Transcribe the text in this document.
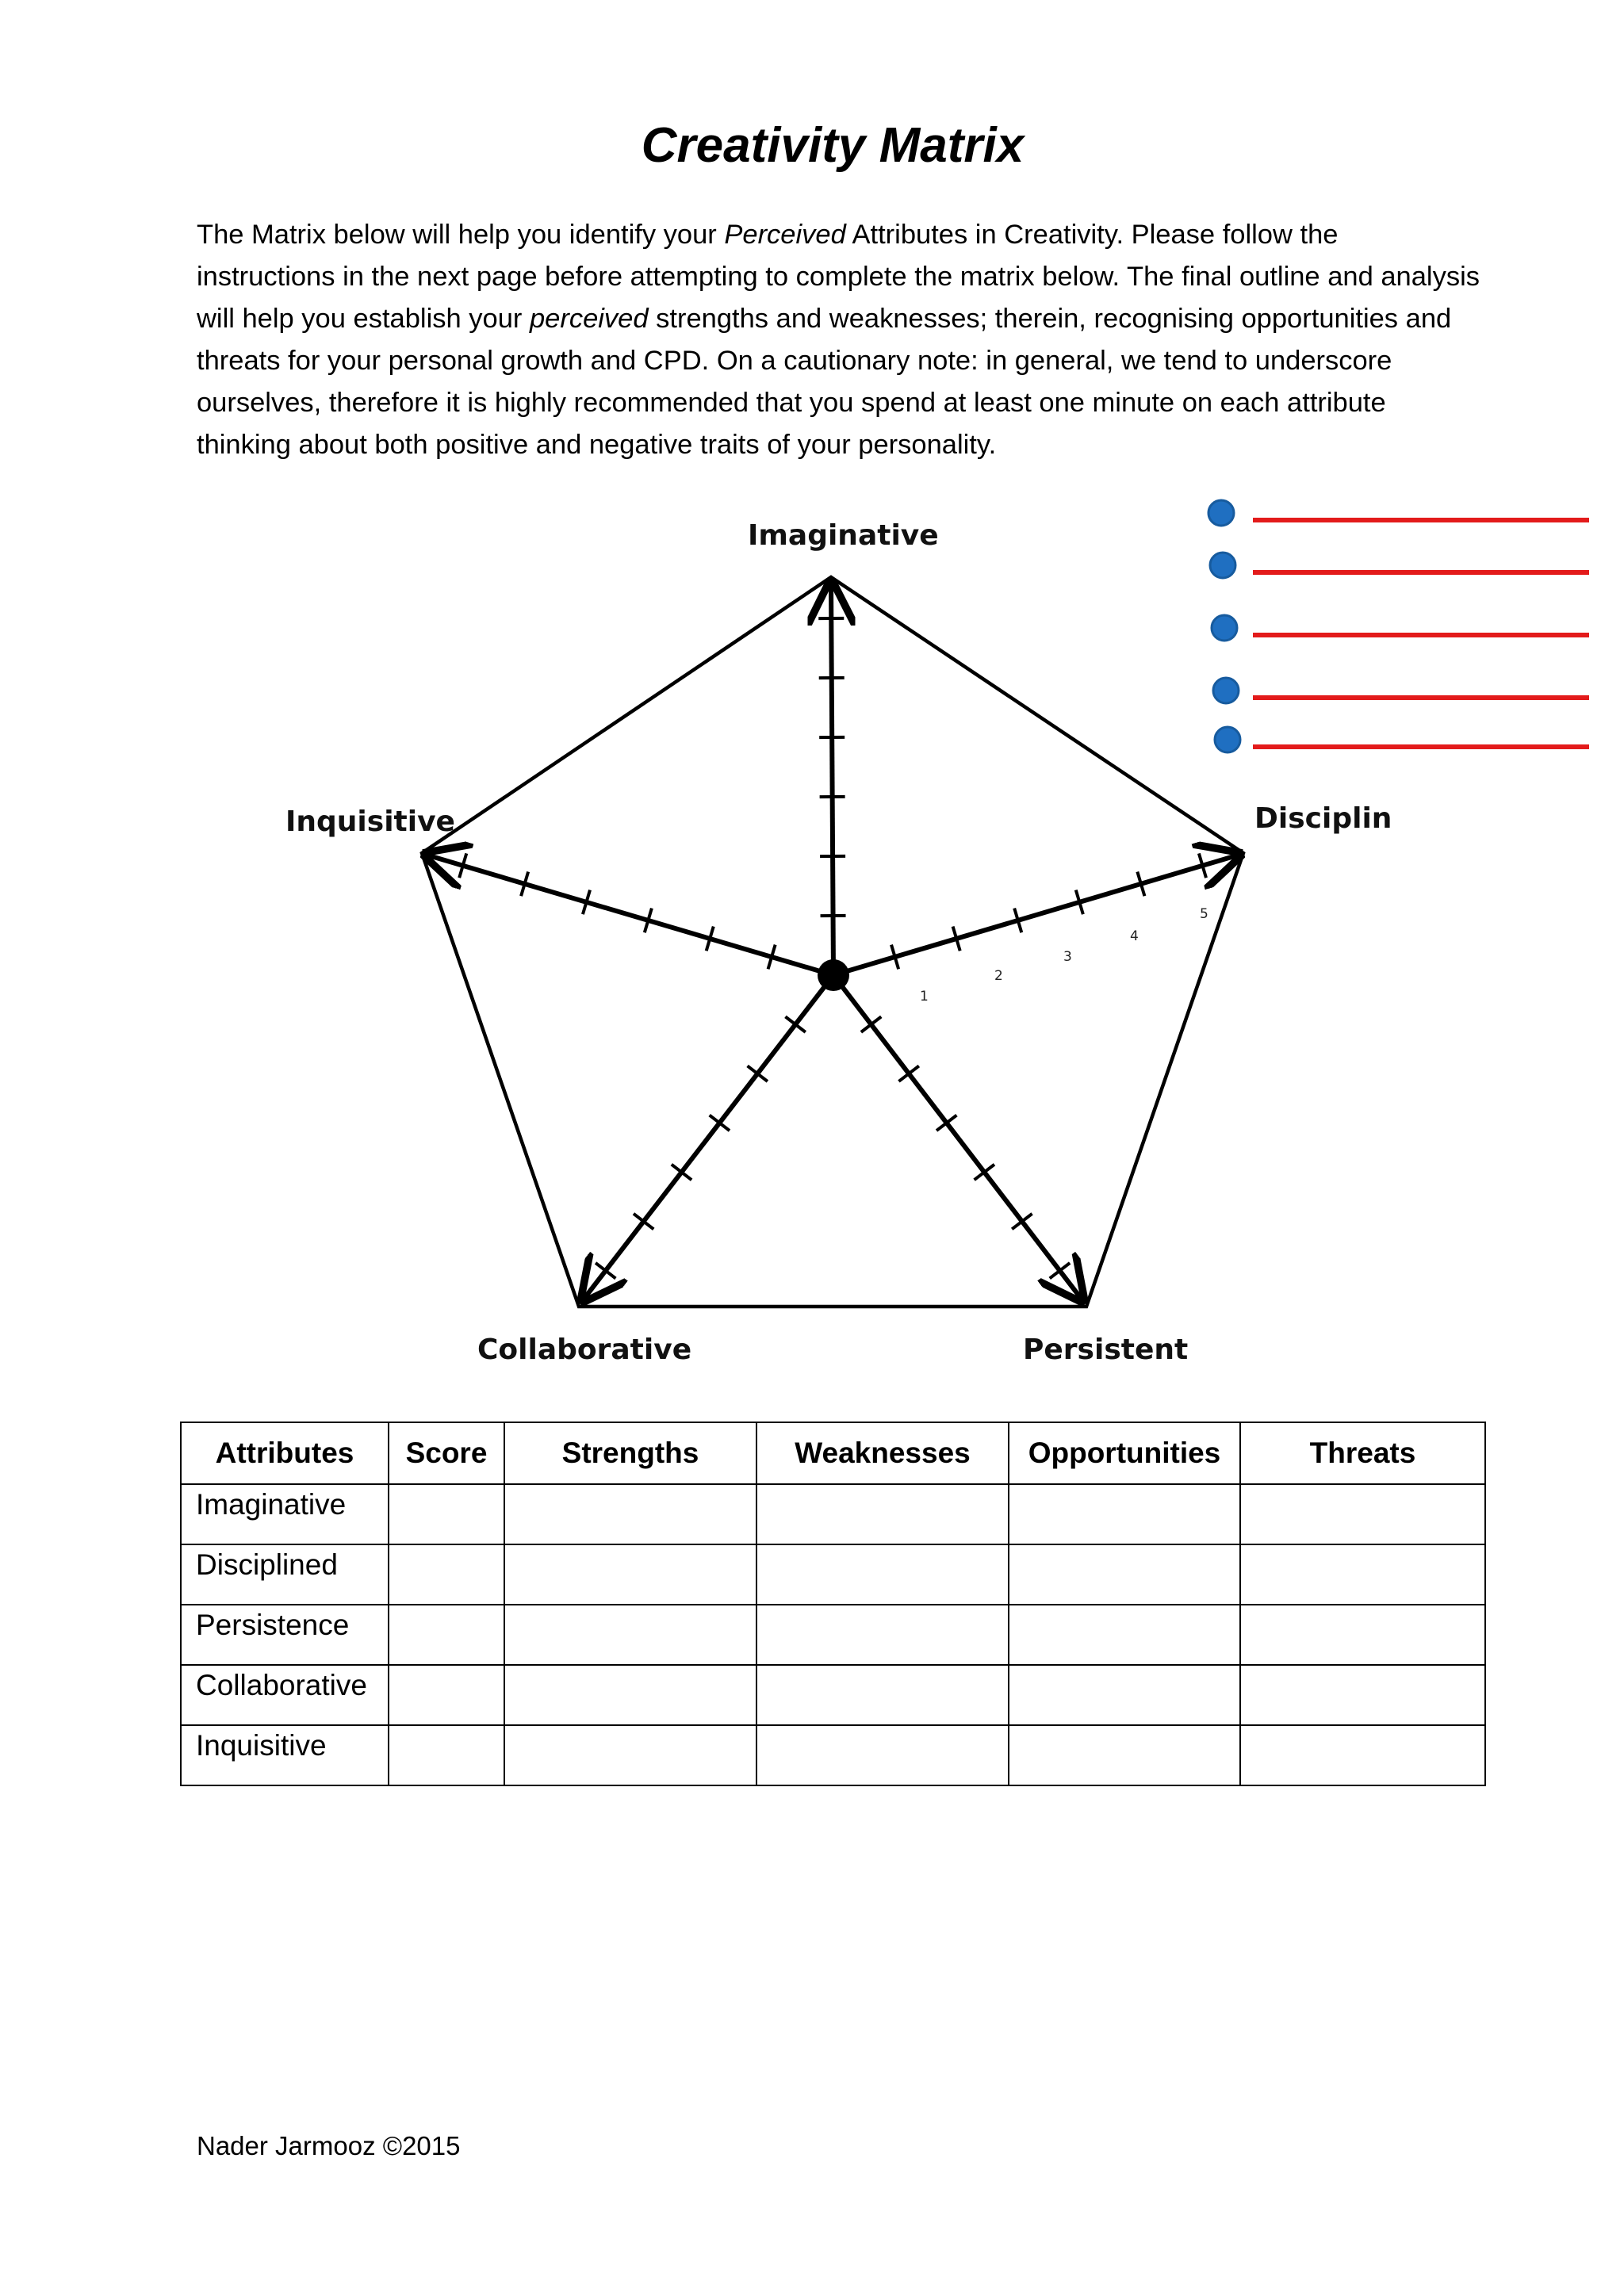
Creativity Matrix

The Matrix below will help you identify your Perceived Attributes in Creativity. Please follow the instructions in the next page before attempting to complete the matrix below. The final outline and analysis will help you establish your perceived strengths and weaknesses; therein, recognising opportunities and threats for your personal growth and CPD. On a cautionary note: in general, we tend to underscore ourselves, therefore it is highly recommended that you spend at least one minute on each attribute thinking about both positive and negative traits of your personality.

1
2
3
4
5
Imaginative
Disciplin
Persistent
Collaborative
Inquisitive
Attributes	Score	Strengths	Weaknesses	Opportunities	Threats
Imaginative					
Disciplined					
Persistence					
Collaborative					
Inquisitive					
Nader Jarmooz ©2015
